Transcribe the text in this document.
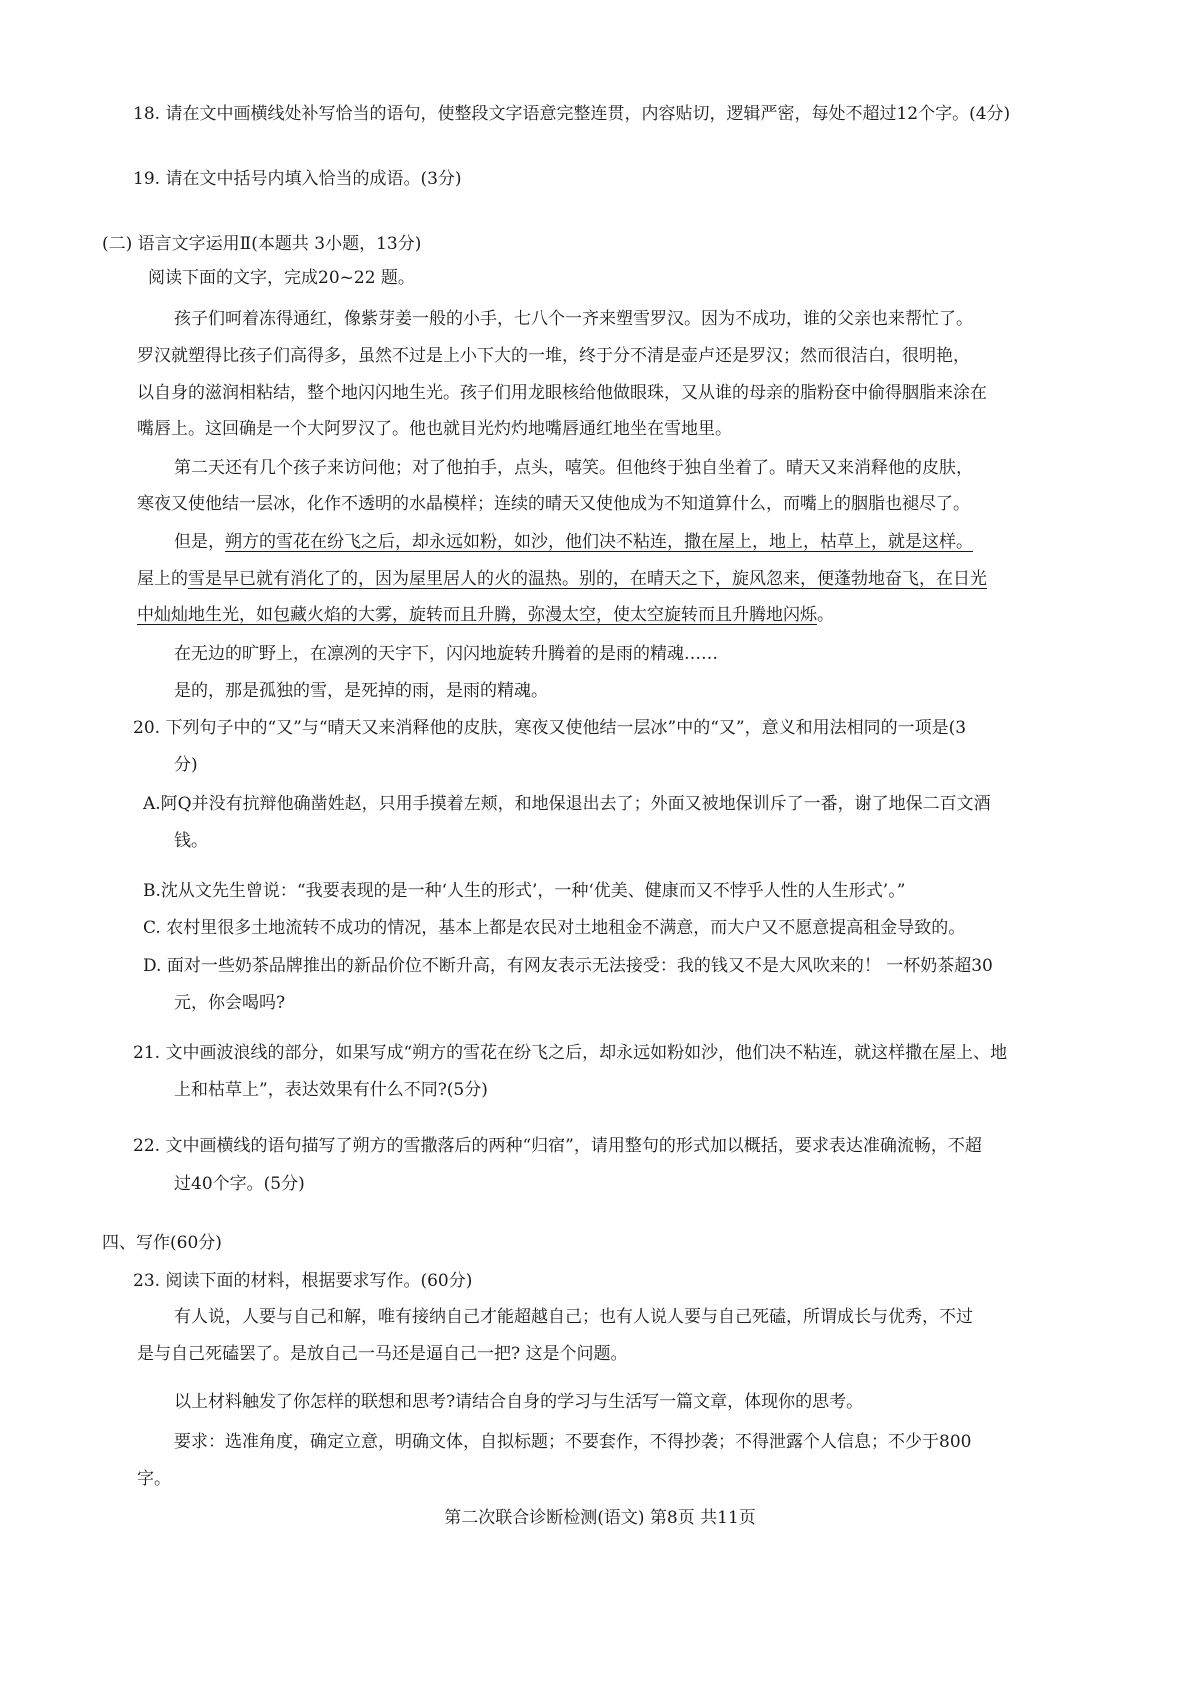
18. 请在文中画横线处补写恰当的语句，使整段文字语意完整连贯，内容贴切，逻辑严密，每处不超过12个字。(4分)
19. 请在文中括号内填入恰当的成语。(3分)
(二) 语言文字运用Ⅱ(本题共 3小题，13分)
阅读下面的文字，完成20~22 题。
孩子们呵着冻得通红，像紫芽姜一般的小手，七八个一齐来塑雪罗汉。因为不成功，谁的父亲也来帮忙了。
罗汉就塑得比孩子们高得多，虽然不过是上小下大的一堆，终于分不清是壶卢还是罗汉；然而很洁白，很明艳，
以自身的滋润相粘结，整个地闪闪地生光。孩子们用龙眼核给他做眼珠，又从谁的母亲的脂粉奁中偷得胭脂来涂在
嘴唇上。这回确是一个大阿罗汉了。他也就目光灼灼地嘴唇通红地坐在雪地里。
第二天还有几个孩子来访问他；对了他拍手，点头，嘻笑。但他终于独自坐着了。晴天又来消释他的皮肤，
寒夜又使他结一层冰，化作不透明的水晶模样；连续的晴天又使他成为不知道算什么，而嘴上的胭脂也褪尽了。
但是，朔方的雪花在纷飞之后，却永远如粉，如沙，他们决不粘连，撒在屋上，地上，枯草上，就是这样。
屋上的雪是早已就有消化了的，因为屋里居人的火的温热。别的，在晴天之下，旋风忽来，便蓬勃地奋飞，在日光
中灿灿地生光，如包藏火焰的大雾，旋转而且升腾，弥漫太空，使太空旋转而且升腾地闪烁。
在无边的旷野上，在凛冽的天宇下，闪闪地旋转升腾着的是雨的精魂……
是的，那是孤独的雪，是死掉的雨，是雨的精魂。
20. 下列句子中的“又”与“晴天又来消释他的皮肤，寒夜又使他结一层冰”中的“又”，意义和用法相同的一项是(3
分)
A.阿Q并没有抗辩他确凿姓赵，只用手摸着左颊，和地保退出去了；外面又被地保训斥了一番，谢了地保二百文酒
钱。
B.沈从文先生曾说：“我要表现的是一种‘人生的形式’，一种‘优美、健康而又不悖乎人性的人生形式’。”
C. 农村里很多土地流转不成功的情况，基本上都是农民对土地租金不满意，而大户又不愿意提高租金导致的。
D. 面对一些奶茶品牌推出的新品价位不断升高，有网友表示无法接受：我的钱又不是大风吹来的！ 一杯奶茶超30
元，你会喝吗?
21. 文中画波浪线的部分，如果写成“朔方的雪花在纷飞之后，却永远如粉如沙，他们决不粘连，就这样撒在屋上、地
上和枯草上”，表达效果有什么不同?(5分)
22. 文中画横线的语句描写了朔方的雪撒落后的两种“归宿”，请用整句的形式加以概括，要求表达准确流畅，不超
过40个字。(5分)
四、写作(60分)
23. 阅读下面的材料，根据要求写作。(60分)
有人说，人要与自己和解，唯有接纳自己才能超越自己；也有人说人要与自己死磕，所谓成长与优秀，不过
是与自己死磕罢了。是放自己一马还是逼自己一把? 这是个问题。
以上材料触发了你怎样的联想和思考?请结合自身的学习与生活写一篇文章，体现你的思考。
要求：选准角度，确定立意，明确文体，自拟标题；不要套作，不得抄袭；不得泄露个人信息；不少于800
字。
第二次联合诊断检测(语文) 第8页 共11页
